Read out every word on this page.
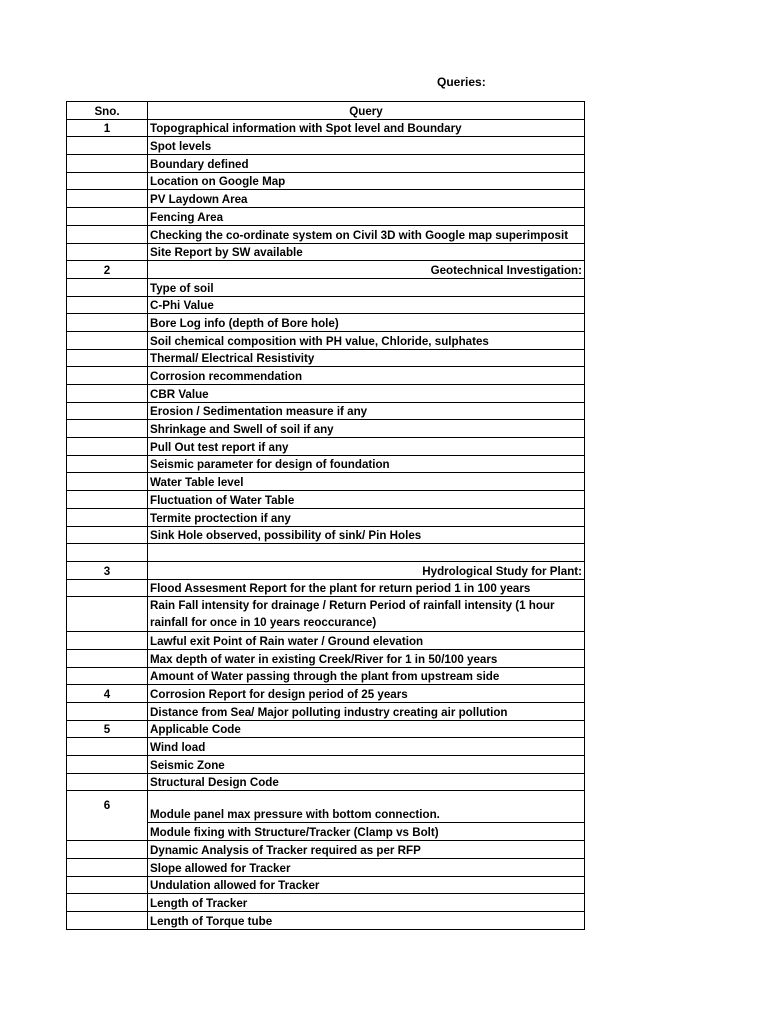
Queries:
Sno.	Query
1	Topographical information with Spot level and Boundary
	Spot levels
	Boundary defined
	Location on Google Map
	PV Laydown Area
	Fencing Area
	Checking the co-ordinate system on Civil 3D with Google map superimposit
	Site Report by SW available
2	Geotechnical Investigation:
	Type of soil
	C-Phi Value
	Bore Log info (depth of Bore hole)
	Soil chemical composition with PH value, Chloride, sulphates
	Thermal/ Electrical Resistivity
	Corrosion recommendation
	CBR Value
	Erosion / Sedimentation measure if any
	Shrinkage and Swell of soil if any
	Pull Out test report if any
	Seismic parameter for design of foundation
	Water Table level
	Fluctuation of Water Table
	Termite proctection if any
	Sink Hole observed, possibility of sink/ Pin Holes

3	Hydrological Study for Plant:
	Flood Assesment Report for the plant for return period 1 in 100 years
	Rain Fall intensity for drainage / Return Period of rainfall intensity (1 hour rainfall for once in 10 years reoccurance)
	Lawful exit Point of Rain water / Ground elevation
	Max depth of water in existing Creek/River for 1 in 50/100 years
	Amount of Water passing through the plant from upstream side
4	Corrosion Report for design period of 25 years
	Distance from Sea/ Major polluting industry creating air pollution
5	Applicable Code
	Wind load
	Seismic Zone
	Structural Design Code
6	Module panel max pressure with bottom connection.
	Module fixing with Structure/Tracker (Clamp vs Bolt)
	Dynamic Analysis of Tracker required as per RFP
	Slope allowed for Tracker
	Undulation allowed for Tracker
	Length of Tracker
	Length of Torque tube
